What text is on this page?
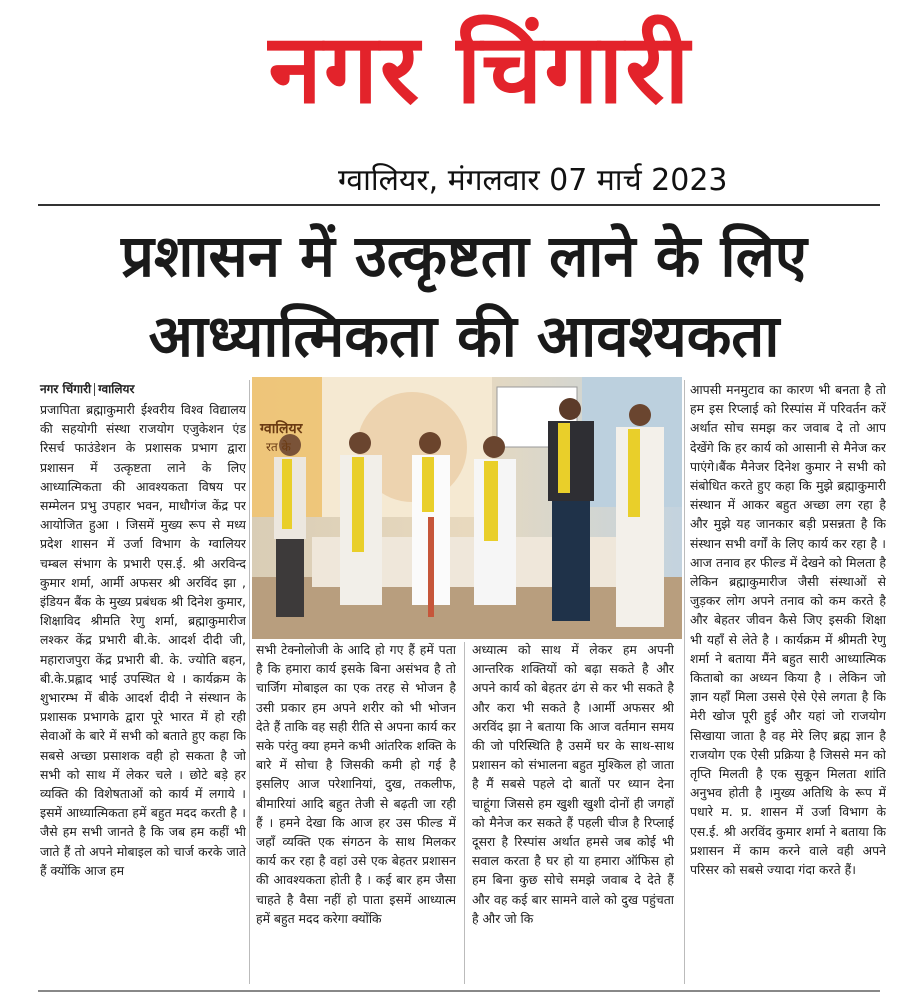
नगर चिंगारी
ग्वालियर, मंगलवार 07 मार्च 2023
प्रशासन में उत्कृष्टता लाने के लिए आध्यात्मिकता की आवश्यकता
नगर चिंगारी ग्वालियर
प्रजापिता ब्रह्माकुमारी ईश्वरीय विश्व विद्यालय की सहयोगी संस्था राजयोग एजुकेशन एंड रिसर्च फाउंडेशन के प्रशासक प्रभाग द्वारा प्रशासन में उत्कृष्टता लाने के लिए आध्यात्मिकता की आवश्यकता विषय पर सम्मेलन प्रभु उपहार भवन, माधौगंज केंद्र पर आयोजित हुआ । जिसमें मुख्य रूप से मध्य प्रदेश शासन में उर्जा विभाग के ग्वालियर चम्बल संभाग के प्रभारी एस.ई. श्री अरविन्द कुमार शर्मा, आर्मी अफसर श्री अरविंद झा , इंडियन बैंक के मुख्य प्रबंधक श्री दिनेश कुमार, शिक्षाविद श्रीमति रेणु शर्मा, ब्रह्माकुमारीज लश्कर केंद्र प्रभारी बी.के. आदर्श दीदी जी, महाराजपुरा केंद्र प्रभारी बी. के. ज्योति बहन, बी.के.प्रह्लाद भाई उपस्थित थे । कार्यक्रम के शुभारम्भ में बीके आदर्श दीदी ने संस्थान के प्रशासक प्रभागके द्वारा पूरे भारत में हो रही सेवाओं के बारे में सभी को बताते हुए कहा कि सबसे अच्छा प्रसाशक वही हो सकता है जो सभी को साथ में लेकर चले । छोटे बड़े हर व्यक्ति की विशेषताओं को कार्य में लगाये । इसमें आध्यात्मिकता हमें बहुत मदद करती है । जैसे हम सभी जानते है कि जब हम कहीं भी जाते हैं तो अपने मोबाइल को चार्ज करके जाते हैं क्योंकि आज हम
ग्वालियर
रत के
सभी टेक्नोलोजी के आदि हो गए हैं हमें पता है कि हमारा कार्य इसके बिना असंभव है तो चार्जिग मोबाइल का एक तरह से भोजन है उसी प्रकार हम अपने शरीर को भी भोजन देते हैं ताकि वह सही रीति से अपना कार्य कर सके परंतु क्या हमने कभी आंतरिक शक्ति के बारे में सोचा है जिसकी कमी हो गई है इसलिए आज परेशानियां, दुख, तकलीफ, बीमारियां आदि बहुत तेजी से बढ़ती जा रही हैं । हमने देखा कि आज हर उस फील्ड में जहाँ व्यक्ति एक संगठन के साथ मिलकर कार्य कर रहा है वहां उसे एक बेहतर प्रशासन की आवश्यकता होती है । कई बार हम जैसा चाहते है वैसा नहीं हो पाता इसमें आध्यात्म हमें बहुत मदद करेगा क्योंकि
अध्यात्म को साथ में लेकर हम अपनी आन्तरिक शक्तियों को बढ़ा सकते है और अपने कार्य को बेहतर ढंग से कर भी सकते है और करा भी सकते है ।आर्मी अफसर श्री अरविंद झा ने बताया कि आज वर्तमान समय की जो परिस्थिति है उसमें घर के साथ-साथ प्रशासन को संभालना बहुत मुश्किल हो जाता है मैं सबसे पहले दो बातों पर ध्यान देना चाहूंगा जिससे हम खुशी खुशी दोनों ही जगहों को मैनेज कर सकते हैं पहली चीज है रिप्लाई दूसरा है रिस्पांस अर्थात हमसे जब कोई भी सवाल करता है घर हो या हमारा ऑफिस हो हम बिना कुछ सोचे समझे जवाब दे देते हैं और वह कई बार सामने वाले को दुख पहुंचता है और जो कि
आपसी मनमुटाव का कारण भी बनता है तो हम इस रिप्लाई को रिस्पांस में परिवर्तन करें अर्थात सोच समझ कर जवाब दे तो आप देखेंगे कि हर कार्य को आसानी से मैनेज कर पाएंगे।बैंक मैनेजर दिनेश कुमार ने सभी को संबोधित करते हुए कहा कि मुझे ब्रह्माकुमारी संस्थान में आकर बहुत अच्छा लग रहा है और मुझे यह जानकार बड़ी प्रसन्नता है कि संस्थान सभी वर्गों के लिए कार्य कर रहा है । आज तनाव हर फील्ड में देखने को मिलता है लेकिन ब्रह्माकुमारीज जैसी संस्थाओं से जुड़कर लोग अपने तनाव को कम करते है और बेहतर जीवन कैसे जिए इसकी शिक्षा भी यहाँ से लेते है । कार्यक्रम में श्रीमती रेणु शर्मा ने बताया मैंने बहुत सारी आध्यात्मिक किताबो का अध्यन किया है । लेकिन जो ज्ञान यहाँ मिला उससे ऐसे ऐसे लगता है कि मेरी खोज पूरी हुई और यहां जो राजयोग सिखाया जाता है वह मेरे लिए ब्रह्म ज्ञान है राजयोग एक ऐसी प्रक्रिया है जिससे मन को तृप्ति मिलती है एक सुकून मिलता शांति अनुभव होती है ।मुख्य अतिथि के रूप में पधारे म. प्र. शासन में उर्जा विभाग के एस.ई. श्री अरविंद कुमार शर्मा ने बताया कि प्रशासन में काम करने वाले वही अपने परिसर को सबसे ज्यादा गंदा करते हैं।
